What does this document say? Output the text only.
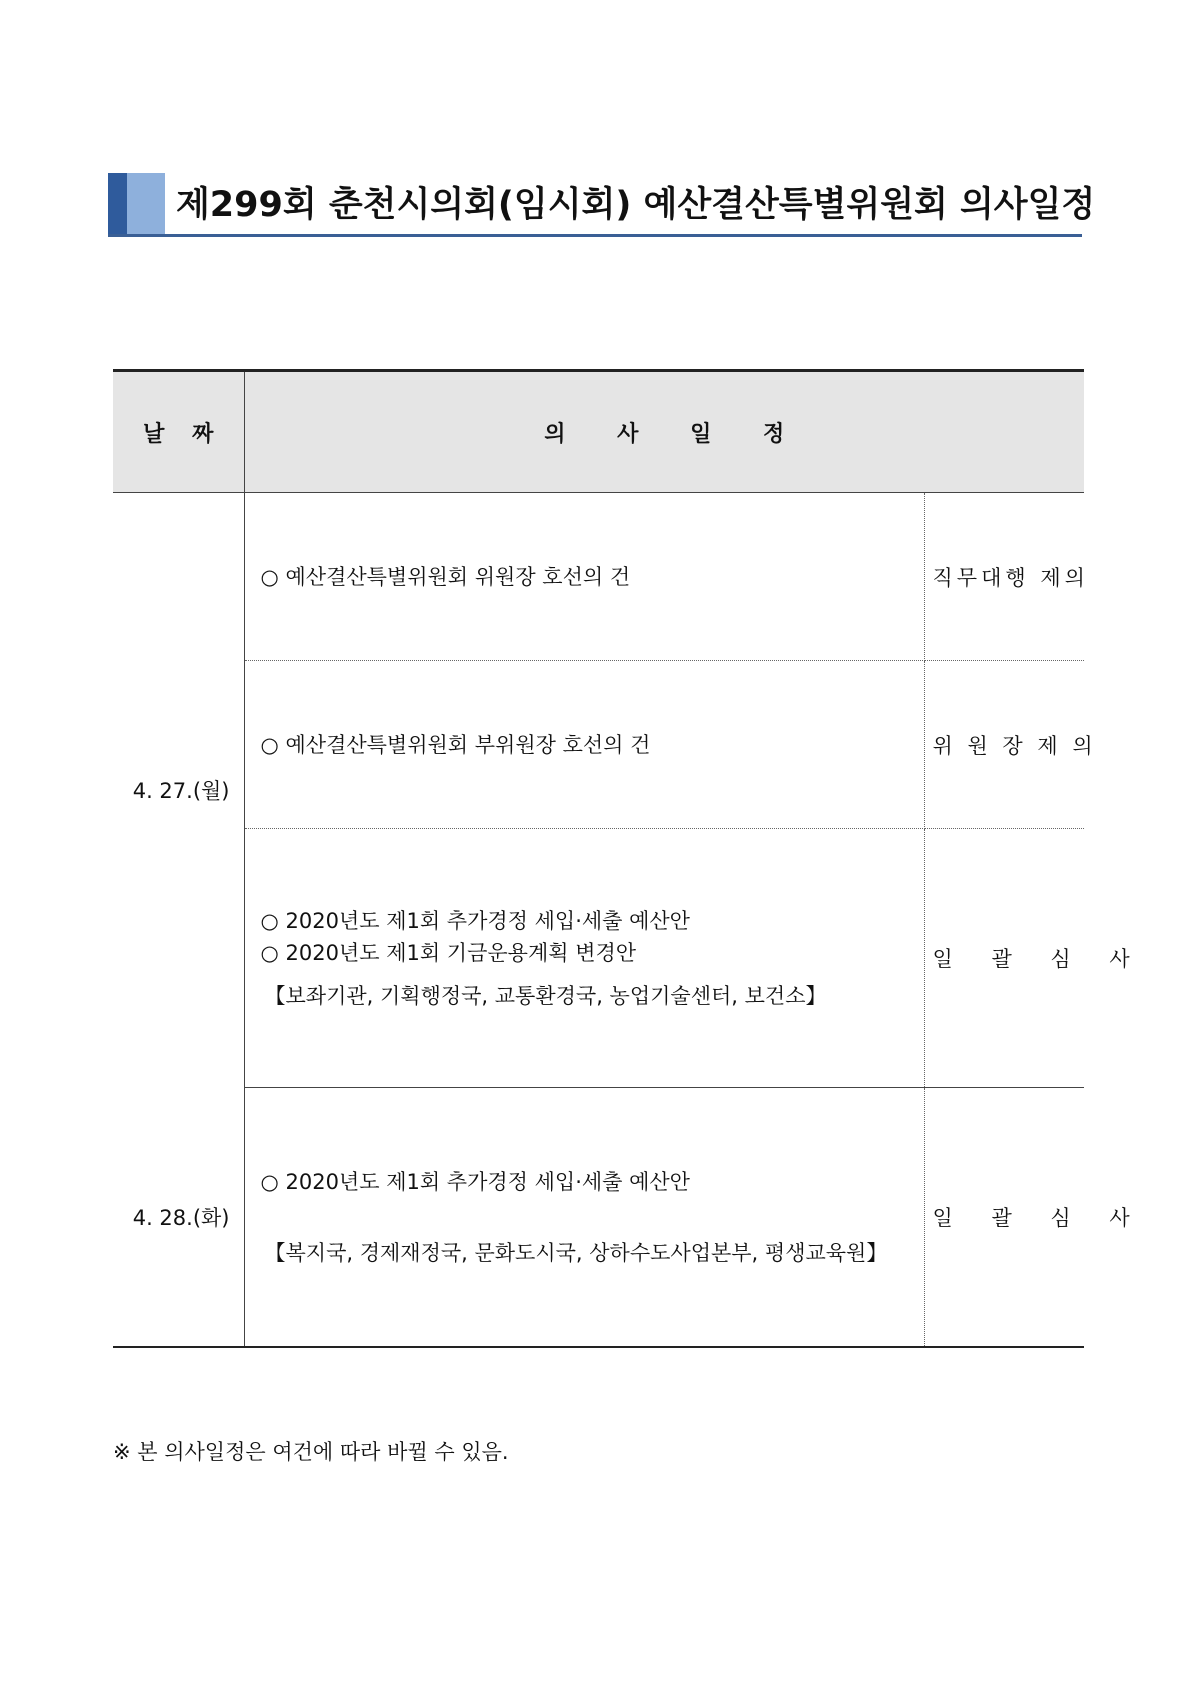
제299회 춘천시의회(임시회) 예산결산특별위원회 의사일정
날 짜	의 사 일 정	
4. 27.(월)	○ 예산결산특별위원회 위원장 호선의 건	직무대행 제의

	○ 예산결산특별위원회 부위원장 호선의 건	위 원 장 제 의

	○ 2020년도 제1회 추가경정 세입·세출 예산안
○ 2020년도 제1회 기금운용계획 변경안
【보좌기관, 기획행정국, 교통환경국, 농업기술센터, 보건소】	일 괄 심 사
4. 28.(화)	○ 2020년도 제1회 추가경정 세입·세출 예산안
【복지국, 경제재정국, 문화도시국, 상하수도사업본부, 평생교육원】	일 괄 심 사
※ 본 의사일정은 여건에 따라 바뀔 수 있음.
